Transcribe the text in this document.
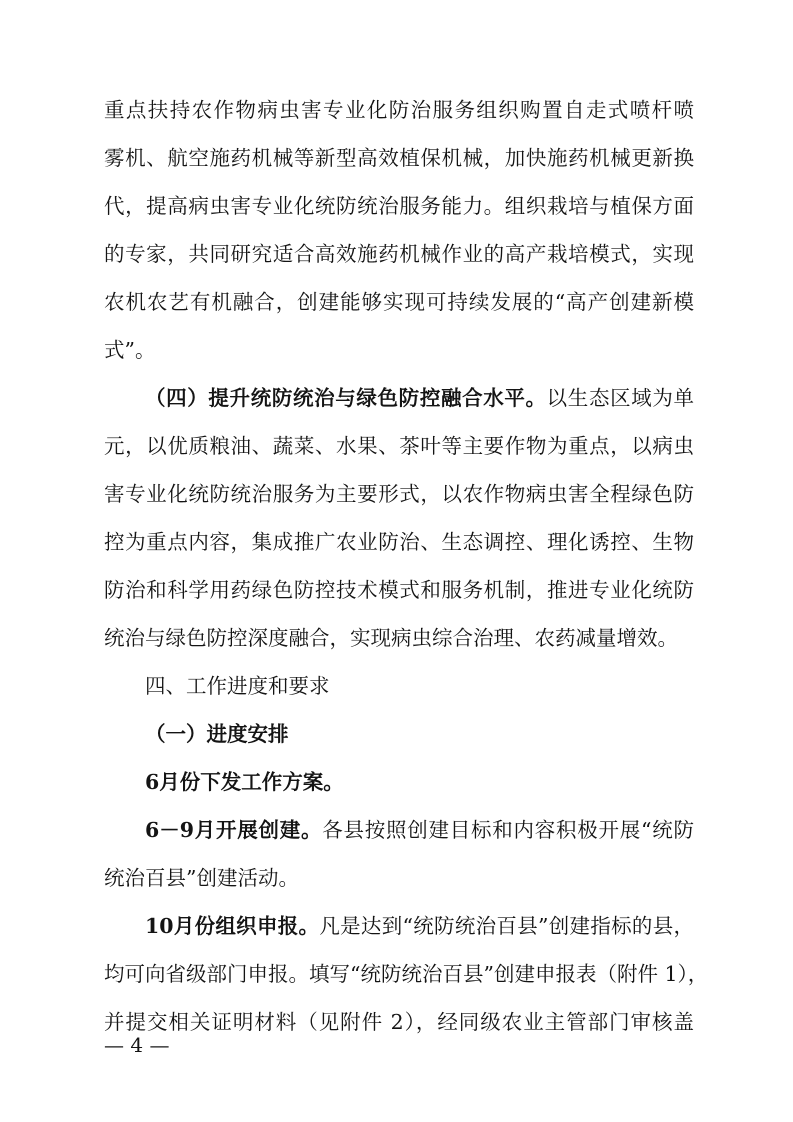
重点扶持农作物病虫害专业化防治服务组织购置自走式喷杆喷
雾机、航空施药机械等新型高效植保机械，加快施药机械更新换
代，提高病虫害专业化统防统治服务能力。组织栽培与植保方面
的专家，共同研究适合高效施药机械作业的高产栽培模式，实现
农机农艺有机融合，创建能够实现可持续发展的“高产创建新模
式”。
（四）提升统防统治与绿色防控融合水平。以生态区域为单
元，以优质粮油、蔬菜、水果、茶叶等主要作物为重点，以病虫
害专业化统防统治服务为主要形式，以农作物病虫害全程绿色防
控为重点内容，集成推广农业防治、生态调控、理化诱控、生物
防治和科学用药绿色防控技术模式和服务机制，推进专业化统防
统治与绿色防控深度融合，实现病虫综合治理、农药减量增效。
四、工作进度和要求
（一）进度安排
6月份下发工作方案。
6－9月开展创建。各县按照创建目标和内容积极开展“统防
统治百县”创建活动。
10月份组织申报。凡是达到“统防统治百县”创建指标的县，
均可向省级部门申报。填写“统防统治百县”创建申报表（附件 1），
并提交相关证明材料（见附件 2），经同级农业主管部门审核盖
— 4 —
